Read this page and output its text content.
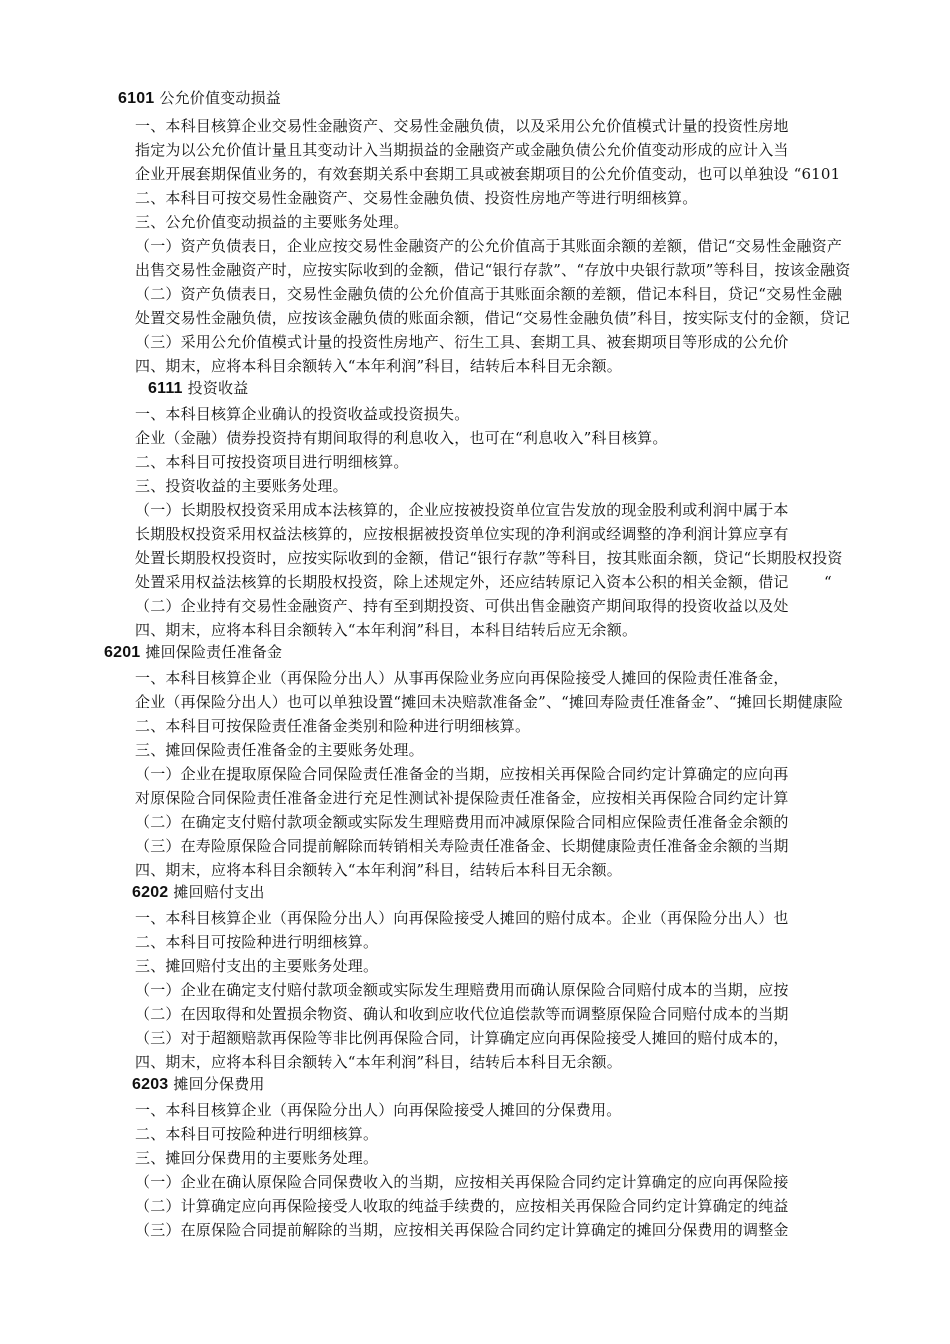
6101 公允价值变动损益
一、本科目核算企业交易性金融资产、交易性金融负债，以及采用公允价值模式计量的投资性房地
指定为以公允价值计量且其变动计入当期损益的金融资产或金融负债公允价值变动形成的应计入当
企业开展套期保值业务的，有效套期关系中套期工具或被套期项目的公允价值变动，也可以单独设 “6101
二、本科目可按交易性金融资产、交易性金融负债、投资性房地产等进行明细核算。
三、公允价值变动损益的主要账务处理。
（一）资产负债表日，企业应按交易性金融资产的公允价值高于其账面余额的差额，借记“交易性金融资产
出售交易性金融资产时，应按实际收到的金额，借记“银行存款”、“存放中央银行款项”等科目，按该金融资
（二）资产负债表日，交易性金融负债的公允价值高于其账面余额的差额，借记本科目，贷记“交易性金融
处置交易性金融负债，应按该金融负债的账面余额，借记“交易性金融负债”科目，按实际支付的金额，贷记
（三）采用公允价值模式计量的投资性房地产、衍生工具、套期工具、被套期项目等形成的公允价
四、期末，应将本科目余额转入“本年利润”科目，结转后本科目无余额。
6111 投资收益
一、本科目核算企业确认的投资收益或投资损失。
企业（金融）债券投资持有期间取得的利息收入，也可在“利息收入”科目核算。
二、本科目可按投资项目进行明细核算。
三、投资收益的主要账务处理。
（一）长期股权投资采用成本法核算的，企业应按被投资单位宣告发放的现金股利或利润中属于本
长期股权投资采用权益法核算的，应按根据被投资单位实现的净利润或经调整的净利润计算应享有
处置长期股权投资时，应按实际收到的金额，借记“银行存款”等科目，按其账面余额，贷记“长期股权投资
处置采用权益法核算的长期股权投资，除上述规定外，还应结转原记入资本公积的相关金额，借记　　 “
（二）企业持有交易性金融资产、持有至到期投资、可供出售金融资产期间取得的投资收益以及处
四、期末，应将本科目余额转入“本年利润”科目，本科目结转后应无余额。
6201 摊回保险责任准备金
一、本科目核算企业（再保险分出人）从事再保险业务应向再保险接受人摊回的保险责任准备金，
企业（再保险分出人）也可以单独设置“摊回未决赔款准备金”、“摊回寿险责任准备金”、“摊回长期健康险
二、本科目可按保险责任准备金类别和险种进行明细核算。
三、摊回保险责任准备金的主要账务处理。
（一）企业在提取原保险合同保险责任准备金的当期，应按相关再保险合同约定计算确定的应向再
对原保险合同保险责任准备金进行充足性测试补提保险责任准备金，应按相关再保险合同约定计算
（二）在确定支付赔付款项金额或实际发生理赔费用而冲减原保险合同相应保险责任准备金余额的
（三）在寿险原保险合同提前解除而转销相关寿险责任准备金、长期健康险责任准备金余额的当期
四、期末，应将本科目余额转入“本年利润”科目，结转后本科目无余额。
6202 摊回赔付支出
一、本科目核算企业（再保险分出人）向再保险接受人摊回的赔付成本。企业（再保险分出人）也
二、本科目可按险种进行明细核算。
三、摊回赔付支出的主要账务处理。
（一）企业在确定支付赔付款项金额或实际发生理赔费用而确认原保险合同赔付成本的当期，应按
（二）在因取得和处置损余物资、确认和收到应收代位追偿款等而调整原保险合同赔付成本的当期
（三）对于超额赔款再保险等非比例再保险合同，计算确定应向再保险接受人摊回的赔付成本的，
四、期末，应将本科目余额转入“本年利润”科目，结转后本科目无余额。
6203 摊回分保费用
一、本科目核算企业（再保险分出人）向再保险接受人摊回的分保费用。
二、本科目可按险种进行明细核算。
三、摊回分保费用的主要账务处理。
（一）企业在确认原保险合同保费收入的当期，应按相关再保险合同约定计算确定的应向再保险接
（二）计算确定应向再保险接受人收取的纯益手续费的，应按相关再保险合同约定计算确定的纯益
（三）在原保险合同提前解除的当期，应按相关再保险合同约定计算确定的摊回分保费用的调整金
